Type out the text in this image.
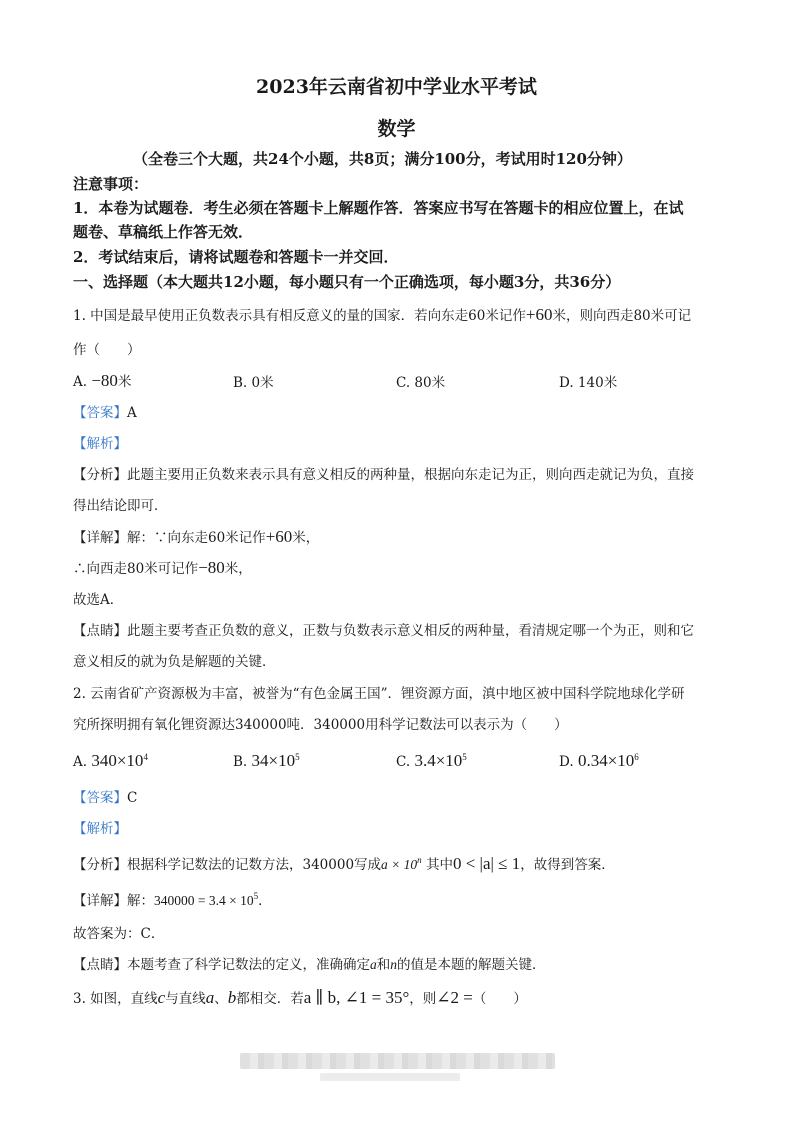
2023年云南省初中学业水平考试
数学
（全卷三个大题，共24个小题，共8页；满分100分，考试用时120分钟）
注意事项：
1．本卷为试题卷．考生必须在答题卡上解题作答．答案应书写在答题卡的相应位置上，在试
题卷、草稿纸上作答无效．
2．考试结束后，请将试题卷和答题卡一并交回．
一、选择题（本大题共12小题，每小题只有一个正确选项，每小题3分，共36分）
1. 中国是最早使用正负数表示具有相反意义的量的国家．若向东走60米记作+60米，则向西走80米可记
作（　　）
A. −80米	B. 0米	C. 80米	D. 140米
【答案】A
【解析】
【分析】此题主要用正负数来表示具有意义相反的两种量，根据向东走记为正，则向西走就记为负，直接
得出结论即可．
【详解】解：∵向东走60米记作+60米，
∴向西走80米可记作−80米，
故选A．
【点睛】此题主要考查正负数的意义，正数与负数表示意义相反的两种量，看清规定哪一个为正，则和它
意义相反的就为负是解题的关键．
2. 云南省矿产资源极为丰富，被誉为“有色金属王国”．锂资源方面，滇中地区被中国科学院地球化学研
究所探明拥有氧化锂资源达340000吨．340000用科学记数法可以表示为（　　）
A. $340\times 10^4$	B. $34\times 10^5$	C. $3.4\times 10^5$	D. $0.34\times 10^6$
【答案】C
【解析】
【分析】根据科学记数法的记数方法，340000写成$a \times 10^n$ 其中0 < |a| ≤ 1，故得到答案．
【详解】解：$340000 = 3.4 \times 10^5$．
故答案为：C．
【点睛】本题考查了科学记数法的定义，准确确定a和n的值是本题的解题关键．
3. 如图，直线c与直线a、b都相交．若a ∥ b, ∠1 = 35°，则∠2 =（　　）
